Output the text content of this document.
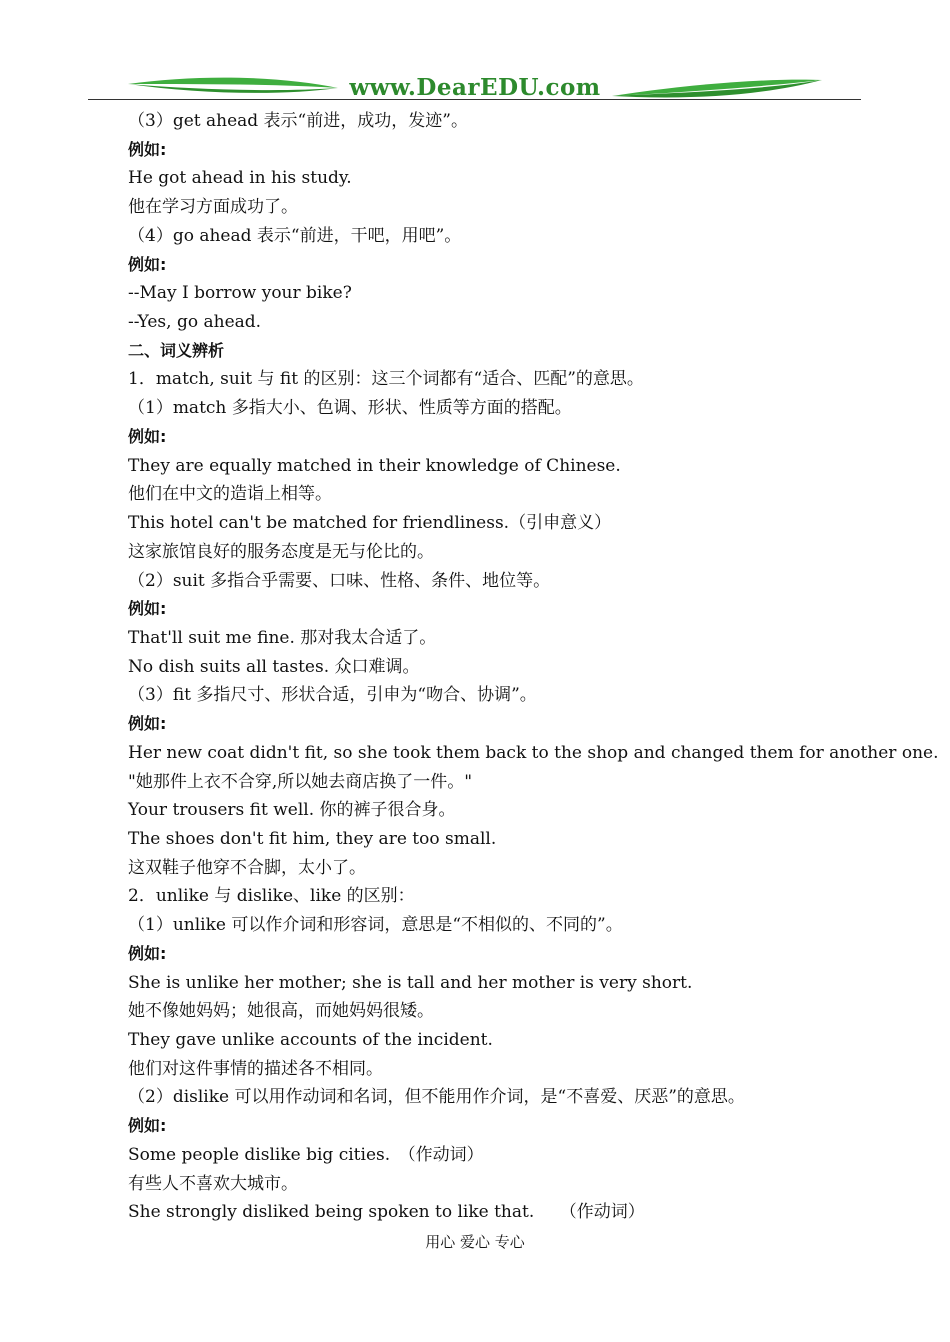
www.DearEDU.com
（3）get ahead 表示“前进，成功，发迹”。
例如:
He got ahead in his study.
他在学习方面成功了。
（4）go ahead 表示“前进，干吧，用吧”。
例如:
--May I borrow your bike?
--Yes, go ahead.
二、词义辨析
1．match, suit 与 fit 的区别：这三个词都有“适合、匹配”的意思。
（1）match 多指大小、色调、形状、性质等方面的搭配。
例如:
They are equally matched in their knowledge of Chinese.
他们在中文的造诣上相等。
This hotel can't be matched for friendliness.（引申意义）
这家旅馆良好的服务态度是无与伦比的。
（2）suit 多指合乎需要、口味、性格、条件、地位等。
例如:
That'll suit me fine. 那对我太合适了。
No dish suits all tastes. 众口难调。
（3）fit 多指尺寸、形状合适，引申为“吻合、协调”。
例如:
Her new coat didn't fit, so she took them back to the shop and changed them for another one.
"她那件上衣不合穿,所以她去商店换了一件。"
Your trousers fit well. 你的裤子很合身。
The shoes don't fit him, they are too small.
这双鞋子他穿不合脚，太小了。
2．unlike 与 dislike、like 的区别：
（1）unlike 可以作介词和形容词，意思是“不相似的、不同的”。
例如:
She is unlike her mother; she is tall and her mother is very short.
她不像她妈妈；她很高，而她妈妈很矮。
They gave unlike accounts of the incident.
他们对这件事情的描述各不相同。
（2）dislike 可以用作动词和名词，但不能用作介词，是“不喜爱、厌恶”的意思。
例如:
Some people dislike big cities.　（作动词）
有些人不喜欢大城市。
She strongly disliked being spoken to like that.　　（作动词）
用心 爱心 专心
